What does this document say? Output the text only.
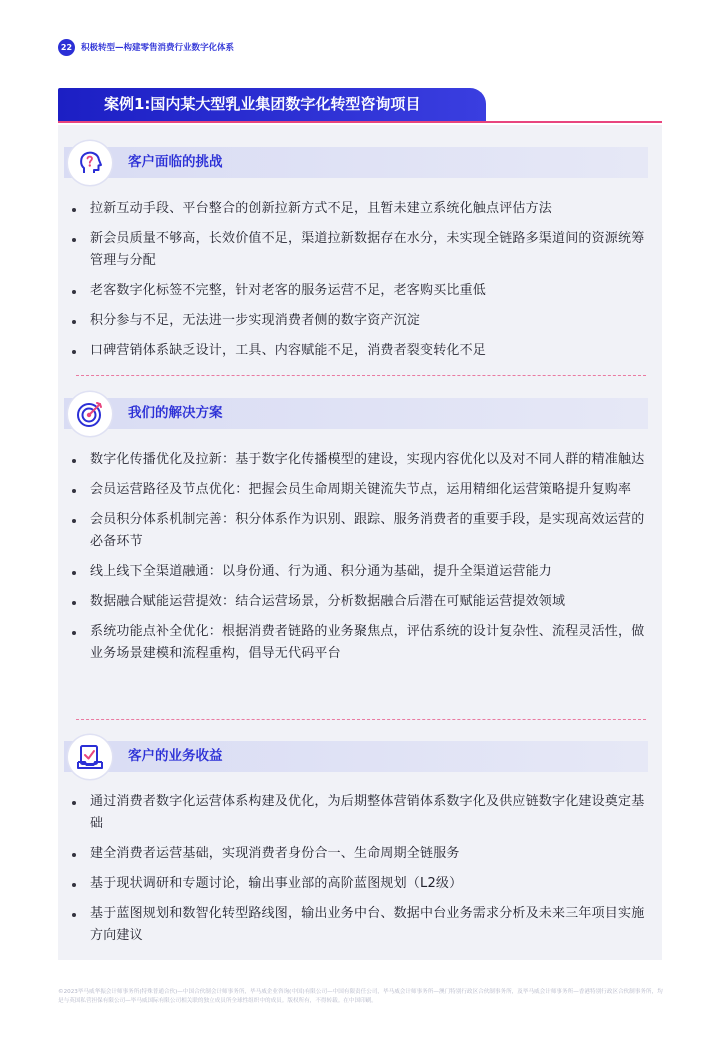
22	积极转型—构建零售消费行业数字化体系
案例1:国内某大型乳业集团数字化转型咨询项目
客户面临的挑战
拉新互动手段、平台整合的创新拉新方式不足，且暂未建立系统化触点评估方法
新会员质量不够高，长效价值不足，渠道拉新数据存在水分，未实现全链路多渠道间的资源统筹管理与分配
老客数字化标签不完整，针对老客的服务运营不足，老客购买比重低
积分参与不足，无法进一步实现消费者侧的数字资产沉淀
口碑营销体系缺乏设计，工具、内容赋能不足，消费者裂变转化不足
我们的解决方案
数字化传播优化及拉新：基于数字化传播模型的建设，实现内容优化以及对不同人群的精准触达
会员运营路径及节点优化：把握会员生命周期关键流失节点，运用精细化运营策略提升复购率
会员积分体系机制完善：积分体系作为识别、跟踪、服务消费者的重要手段，是实现高效运营的必备环节
线上线下全渠道融通：以身份通、行为通、积分通为基础，提升全渠道运营能力
数据融合赋能运营提效：结合运营场景，分析数据融合后潜在可赋能运营提效领域
系统功能点补全优化：根据消费者链路的业务聚焦点，评估系统的设计复杂性、流程灵活性，做业务场景建模和流程重构，倡导无代码平台
客户的业务收益
通过消费者数字化运营体系构建及优化，为后期整体营销体系数字化及供应链数字化建设奠定基础
建全消费者运营基础，实现消费者身份合一、生命周期全链服务
基于现状调研和专题讨论，输出事业部的高阶蓝图规划（L2级）
基于蓝图规划和数智化转型路线图，输出业务中台、数据中台业务需求分析及未来三年项目实施方向建议
©2023毕马威华振会计师事务所(特殊普通合伙)—中国合伙制会计师事务所，毕马威企业咨询(中国)有限公司—中国有限责任公司，毕马威会计师事务所—澳门特别行政区合伙制事务所，及毕马威会计师事务所—香港特别行政区合伙制事务所，均是与英国私营担保有限公司—毕马威国际有限公司相关联的独立成员所全球性组织中的成员。版权所有，不得转载。在中国印刷。
